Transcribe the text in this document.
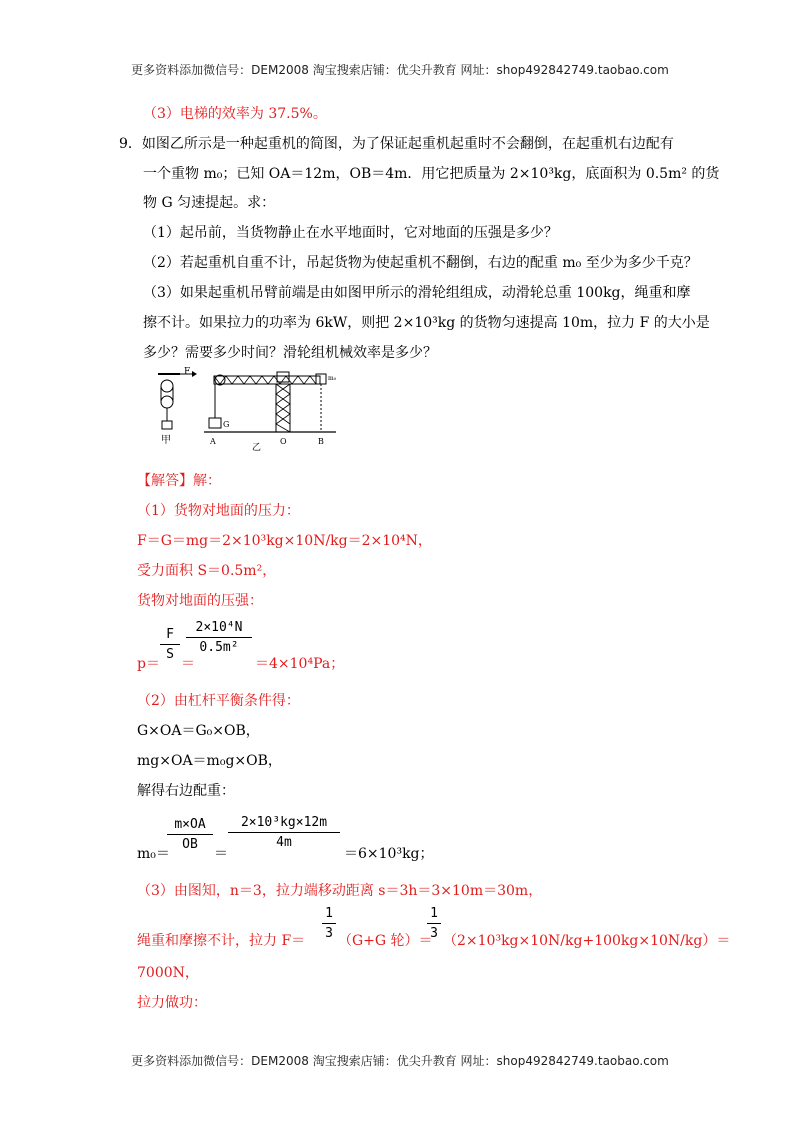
更多资料添加微信号：DEM2008 淘宝搜索店铺：优尖升教育 网址：shop492842749.taobao.com
（3）电梯的效率为 37.5%。
9．如图乙所示是一种起重机的简图，为了保证起重机起重时不会翻倒，在起重机右边配有
一个重物 m₀；已知 OA＝12m，OB＝4m．用它把质量为 2×10³kg，底面积为 0.5m² 的货
物 G 匀速提起。求：
（1）起吊前，当货物静止在水平地面时，它对地面的压强是多少？
（2）若起重机自重不计，吊起货物为使起重机不翻倒，右边的配重 m₀ 至少为多少千克？
（3）如果起重机吊臂前端是由如图甲所示的滑轮组组成，动滑轮总重 100kg，绳重和摩
擦不计。如果拉力的功率为 6kW，则把 2×10³kg 的货物匀速提高 10m，拉力 F 的大小是
多少？需要多少时间？滑轮组机械效率是多少？
F
甲
m₀
G
A
乙
O	B
【解答】解：
（1）货物对地面的压力：
F＝G＝mg＝2×10³kg×10N/kg＝2×10⁴N，
受力面积 S＝0.5m²，
货物对地面的压强：
p＝
F
S
＝
2×10⁴N
0.5m²
＝4×10⁴Pa；
（2）由杠杆平衡条件得：
G×OA＝G₀×OB，
mg×OA＝m₀g×OB，
解得右边配重：
m₀＝
m×OA
OB
＝
2×10³kg×12m
4m
＝6×10³kg；
（3）由图知，n＝3，拉力端移动距离 s＝3h＝3×10m＝30m，
绳重和摩擦不计，拉力 F＝
1
3 （G+G 轮）＝
1
3 （2×10³kg×10N/kg+100kg×10N/kg）＝
7000N，
拉力做功：
更多资料添加微信号：DEM2008 淘宝搜索店铺：优尖升教育 网址：shop492842749.taobao.com
